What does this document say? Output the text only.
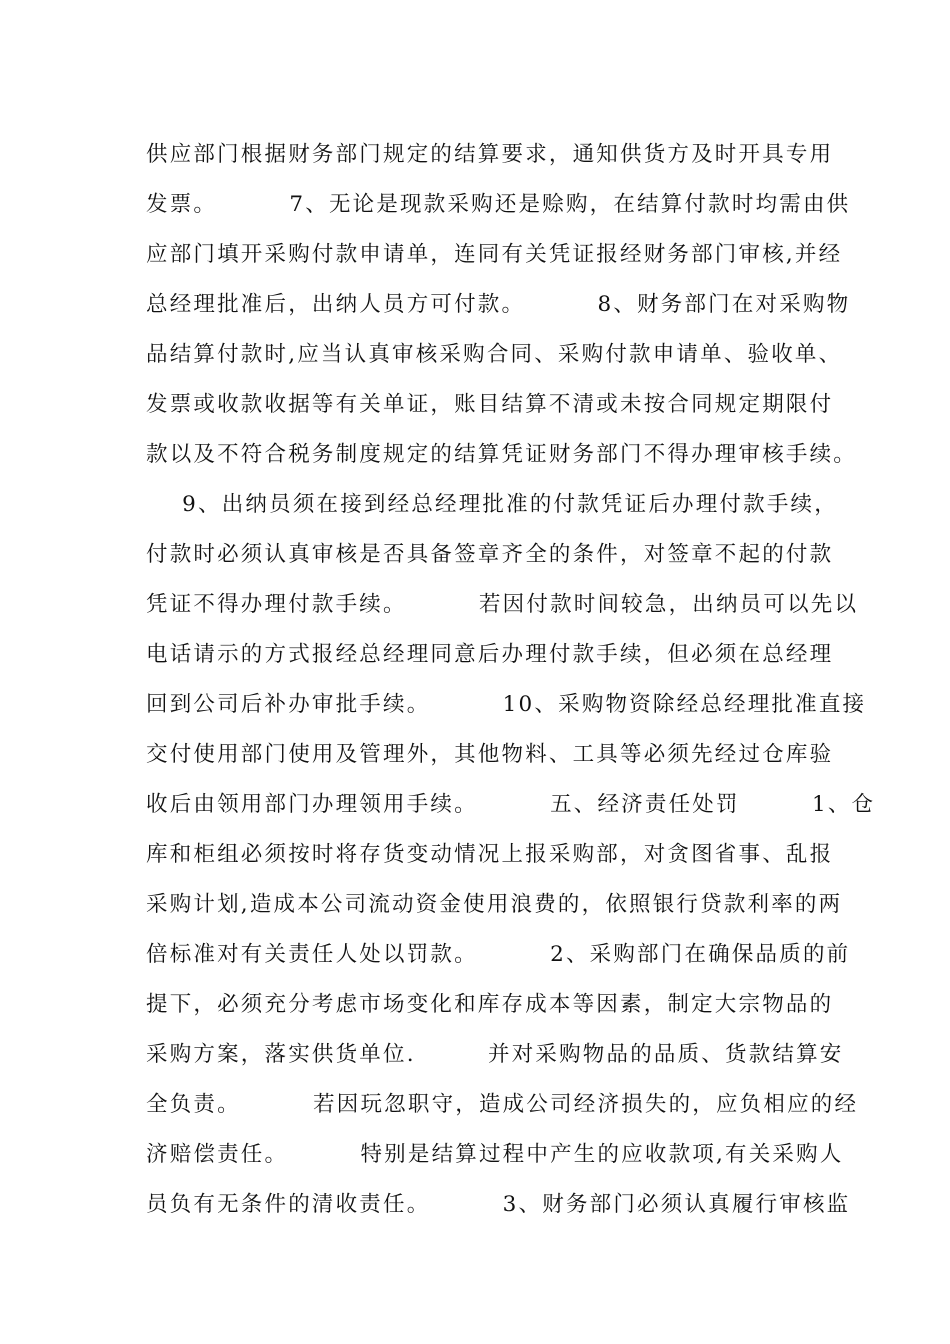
供应部门根据财务部门规定的结算要求，通知供货方及时开具专用
发票。        7、无论是现款采购还是赊购，在结算付款时均需由供
应部门填开采购付款申请单，连同有关凭证报经财务部门审核,并经
总经理批准后，出纳人员方可付款。        8、财务部门在对采购物
品结算付款时,应当认真审核采购合同、采购付款申请单、验收单、
发票或收款收据等有关单证，账目结算不清或未按合同规定期限付
款以及不符合税务制度规定的结算凭证财务部门不得办理审核手续。
9、出纳员须在接到经总经理批准的付款凭证后办理付款手续，
付款时必须认真审核是否具备签章齐全的条件，对签章不起的付款
凭证不得办理付款手续。        若因付款时间较急，出纳员可以先以
电话请示的方式报经总经理同意后办理付款手续，但必须在总经理
回到公司后补办审批手续。        10、采购物资除经总经理批准直接
交付使用部门使用及管理外，其他物料、工具等必须先经过仓库验
收后由领用部门办理领用手续。        五、经济责任处罚        1、仓
库和柜组必须按时将存货变动情况上报采购部，对贪图省事、乱报
采购计划,造成本公司流动资金使用浪费的，依照银行贷款利率的两
倍标准对有关责任人处以罚款。        2、采购部门在确保品质的前
提下，必须充分考虑市场变化和库存成本等因素，制定大宗物品的
采购方案，落实供货单位.        并对采购物品的品质、货款结算安
全负责。        若因玩忽职守，造成公司经济损失的，应负相应的经
济赔偿责任。        特别是结算过程中产生的应收款项,有关采购人
员负有无条件的清收责任。        3、财务部门必须认真履行审核监
